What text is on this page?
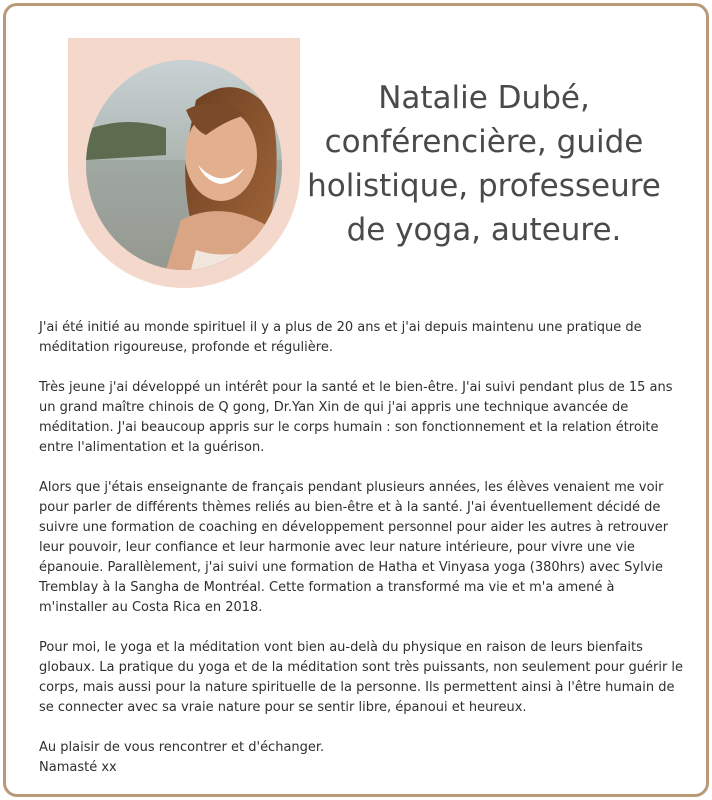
Natalie Dubé,
conférencière, guide
holistique, professeure
de yoga, auteure.

J'ai été initié au monde spirituel il y a plus de 20 ans et j'ai depuis maintenu une pratique de méditation rigoureuse, profonde et régulière.

Très jeune j'ai développé un intérêt pour la santé et le bien-être. J'ai suivi pendant plus de 15 ans un grand maître chinois de Q gong, Dr.Yan Xin de qui j'ai appris une technique avancée de méditation. J'ai beaucoup appris sur le corps humain : son fonctionnement et la relation étroite entre l'alimentation et la guérison.

Alors que j'étais enseignante de français pendant plusieurs années, les élèves venaient me voir pour parler de différents thèmes reliés au bien-être et à la santé. J'ai éventuellement décidé de suivre une formation de coaching en développement personnel pour aider les autres à retrouver leur pouvoir, leur confiance et leur harmonie avec leur nature intérieure, pour vivre une vie épanouie. Parallèlement, j'ai suivi une formation de Hatha et Vinyasa yoga (380hrs) avec Sylvie Tremblay à la Sangha de Montréal. Cette formation a transformé ma vie et m'a amené à m'installer au Costa Rica en 2018.

Pour moi, le yoga et la méditation vont bien au-delà du physique en raison de leurs bienfaits globaux. La pratique du yoga et de la méditation sont très puissants, non seulement pour guérir le corps, mais aussi pour la nature spirituelle de la personne. Ils permettent ainsi à l'être humain de se connecter avec sa vraie nature pour se sentir libre, épanoui et heureux.

Au plaisir de vous rencontrer et d'échanger.

Namasté xx
